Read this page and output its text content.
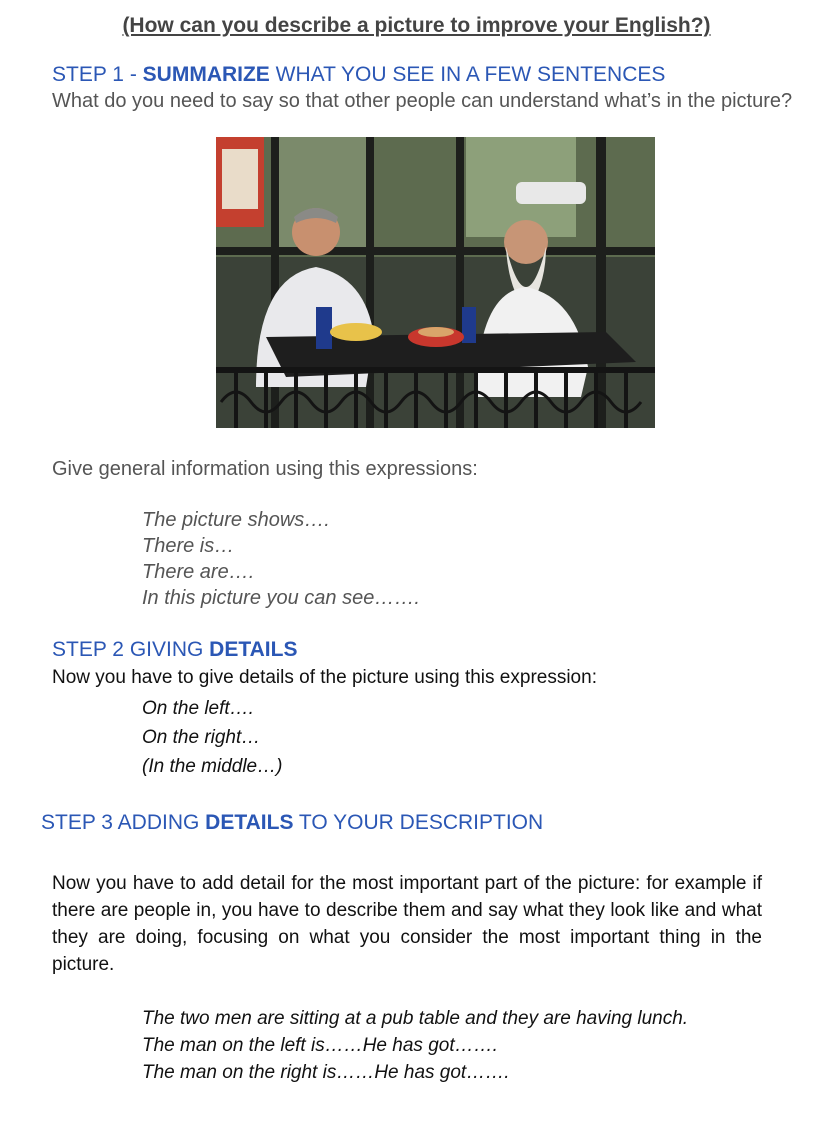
(How can you describe a picture to improve your English?)
STEP 1 - SUMMARIZE WHAT YOU SEE IN A FEW SENTENCES
What do you need to say so that other people can understand what’s in the picture?
Give general information using this expressions:
The picture shows….
There is…
There are….
In this picture you can see…….
STEP 2 GIVING DETAILS
Now you have to give details of the picture using this expression:
On the left….
On the right…
(In the middle…)
STEP 3 ADDING DETAILS TO YOUR DESCRIPTION
Now you have to add detail for the most important part of the picture: for example if there are people in, you have to describe them and say what they look like and what they are doing, focusing on what you consider the most important thing in the picture.
The two men are sitting at a pub table and they are having lunch.
The man on the left is……He has got…….
The man on the right is……He has got…….
